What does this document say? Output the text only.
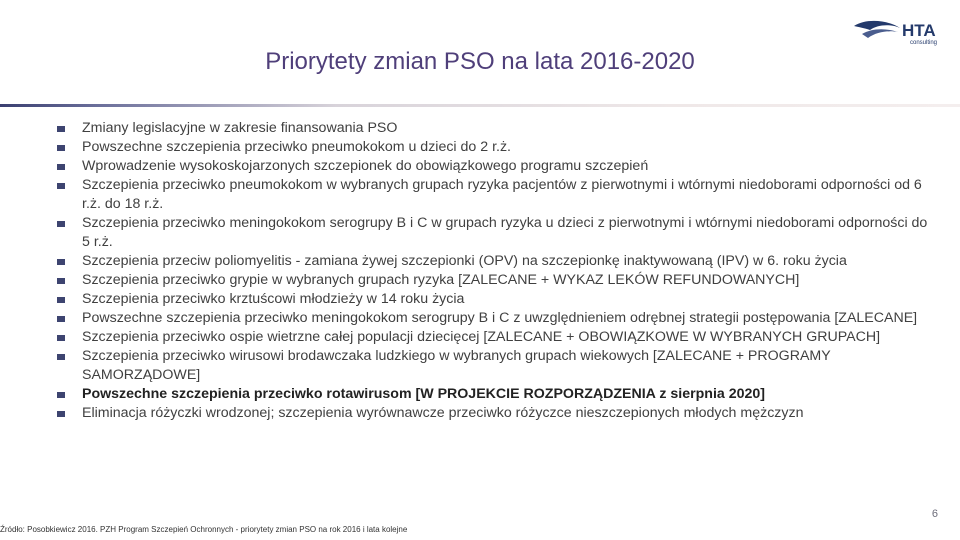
HTA
consulting
Priorytety zmian PSO na lata 2016-2020
Zmiany legislacyjne w zakresie finansowania PSO
Powszechne szczepienia przeciwko pneumokokom u dzieci do 2 r.ż.
Wprowadzenie wysokoskojarzonych szczepionek do obowiązkowego programu szczepień
Szczepienia przeciwko pneumokokom w wybranych grupach ryzyka pacjentów z pierwotnymi i wtórnymi niedoborami odporności od 6 r.ż. do 18 r.ż.
Szczepienia przeciwko meningokokom serogrupy B i C w grupach ryzyka u dzieci z pierwotnymi i wtórnymi niedoborami odporności do 5 r.ż.
Szczepienia przeciw poliomyelitis - zamiana żywej szczepionki (OPV) na szczepionkę inaktywowaną (IPV) w 6. roku życia
Szczepienia przeciwko grypie w wybranych grupach ryzyka [ZALECANE + WYKAZ LEKÓW REFUNDOWANYCH]
Szczepienia przeciwko krztuścowi młodzieży w 14 roku życia
Powszechne szczepienia przeciwko meningokokom serogrupy B i C z uwzględnieniem odrębnej strategii postępowania [ZALECANE]
Szczepienia przeciwko ospie wietrzne całej populacji dziecięcej [ZALECANE + OBOWIĄZKOWE W WYBRANYCH GRUPACH]
Szczepienia przeciwko wirusowi brodawczaka ludzkiego w wybranych grupach wiekowych [ZALECANE + PROGRAMY SAMORZĄDOWE]
Powszechne szczepienia przeciwko rotawirusom [W PROJEKCIE ROZPORZĄDZENIA z sierpnia 2020]
Eliminacja różyczki wrodzonej; szczepienia wyrównawcze przeciwko różyczce nieszczepionych młodych mężczyzn
6
Źródło: Posobkiewicz 2016. PZH Program Szczepień Ochronnych - priorytety zmian PSO na rok 2016 i lata kolejne
